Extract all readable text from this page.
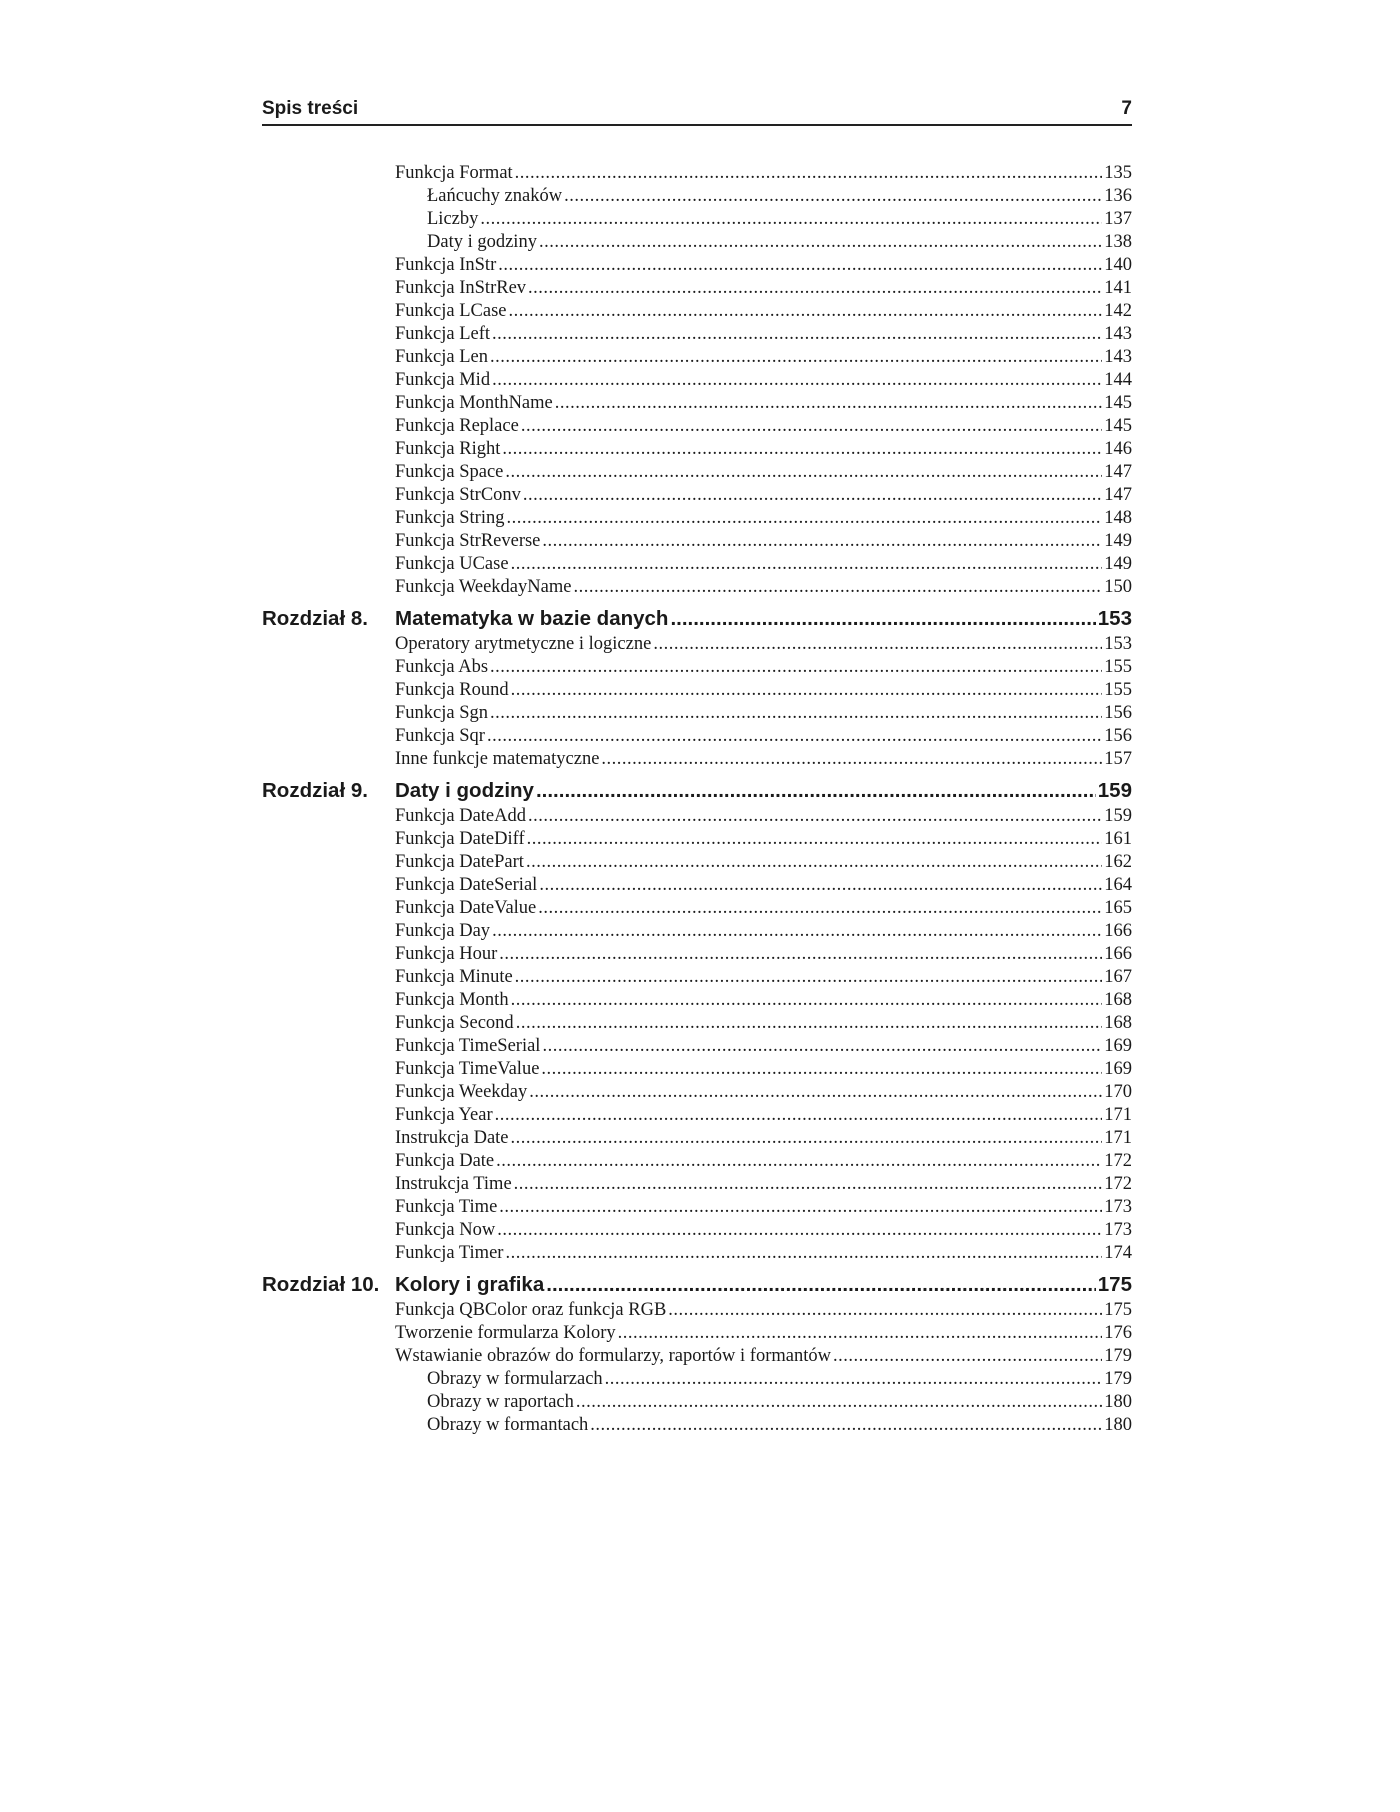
Spis treści	7
Funkcja Format .....	135
Łańcuchy znaków .....	136
Liczby .....	137
Daty i godziny .....	138
Funkcja InStr .....	140
Funkcja InStrRev .....	141
Funkcja LCase .....	142
Funkcja Left .....	143
Funkcja Len .....	143
Funkcja Mid .....	144
Funkcja MonthName .....	145
Funkcja Replace .....	145
Funkcja Right .....	146
Funkcja Space .....	147
Funkcja StrConv .....	147
Funkcja String .....	148
Funkcja StrReverse .....	149
Funkcja UCase .....	149
Funkcja WeekdayName .....	150
Rozdział 8.	Matematyka w bazie danych .....	153
Operatory arytmetyczne i logiczne .....	153
Funkcja Abs .....	155
Funkcja Round .....	155
Funkcja Sgn .....	156
Funkcja Sqr .....	156
Inne funkcje matematyczne .....	157
Rozdział 9.	Daty i godziny .....	159
Funkcja DateAdd .....	159
Funkcja DateDiff .....	161
Funkcja DatePart .....	162
Funkcja DateSerial .....	164
Funkcja DateValue .....	165
Funkcja Day .....	166
Funkcja Hour .....	166
Funkcja Minute .....	167
Funkcja Month .....	168
Funkcja Second .....	168
Funkcja TimeSerial .....	169
Funkcja TimeValue .....	169
Funkcja Weekday .....	170
Funkcja Year .....	171
Instrukcja Date .....	171
Funkcja Date .....	172
Instrukcja Time .....	172
Funkcja Time .....	173
Funkcja Now .....	173
Funkcja Timer .....	174
Rozdział 10. Kolory i grafika .....	175
Funkcja QBColor oraz funkcja RGB .....	175
Tworzenie formularza Kolory .....	176
Wstawianie obrazów do formularzy, raportów i formantów .....	179
Obrazy w formularzach .....	179
Obrazy w raportach .....	180
Obrazy w formantach .....	180
